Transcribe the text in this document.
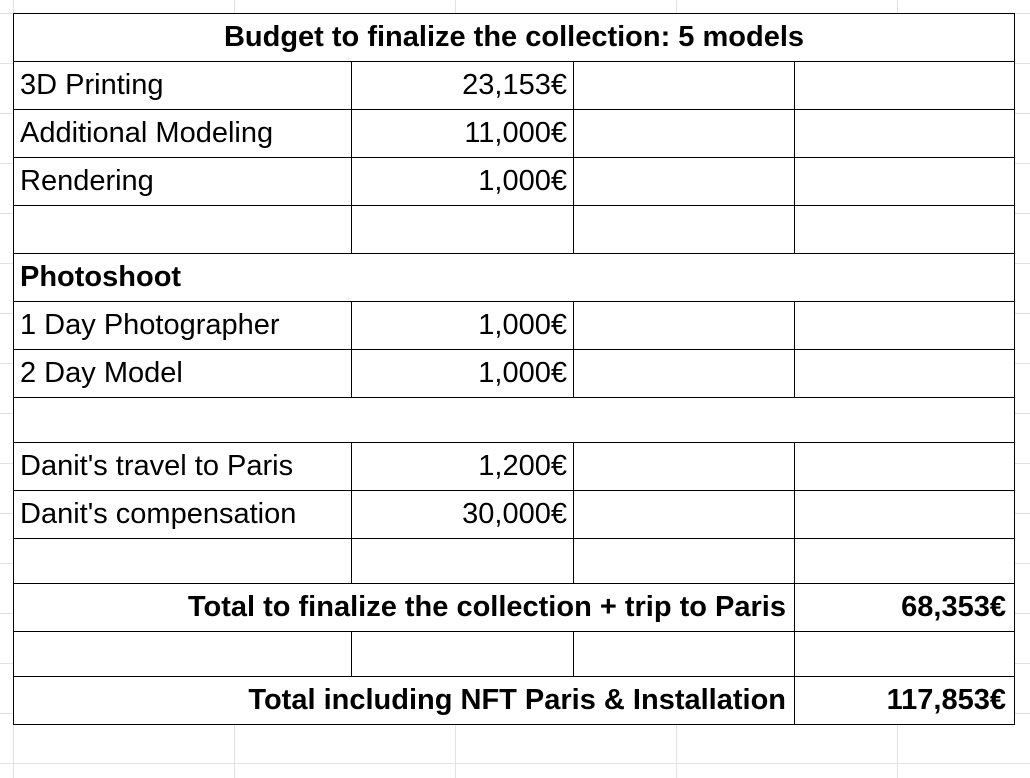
Budget to finalize the collection: 5 models			
3D Printing	23,153€		
Additional Modeling	11,000€		
Rendering	1,000€		

Photoshoot			
1 Day Photographer	1,000€		
2 Day Model	1,000€		

Danit's travel to Paris	1,200€		
Danit's compensation	30,000€		

Total to finalize the collection + trip to Paris			68,353€

Total including NFT Paris & Installation			117,853€
